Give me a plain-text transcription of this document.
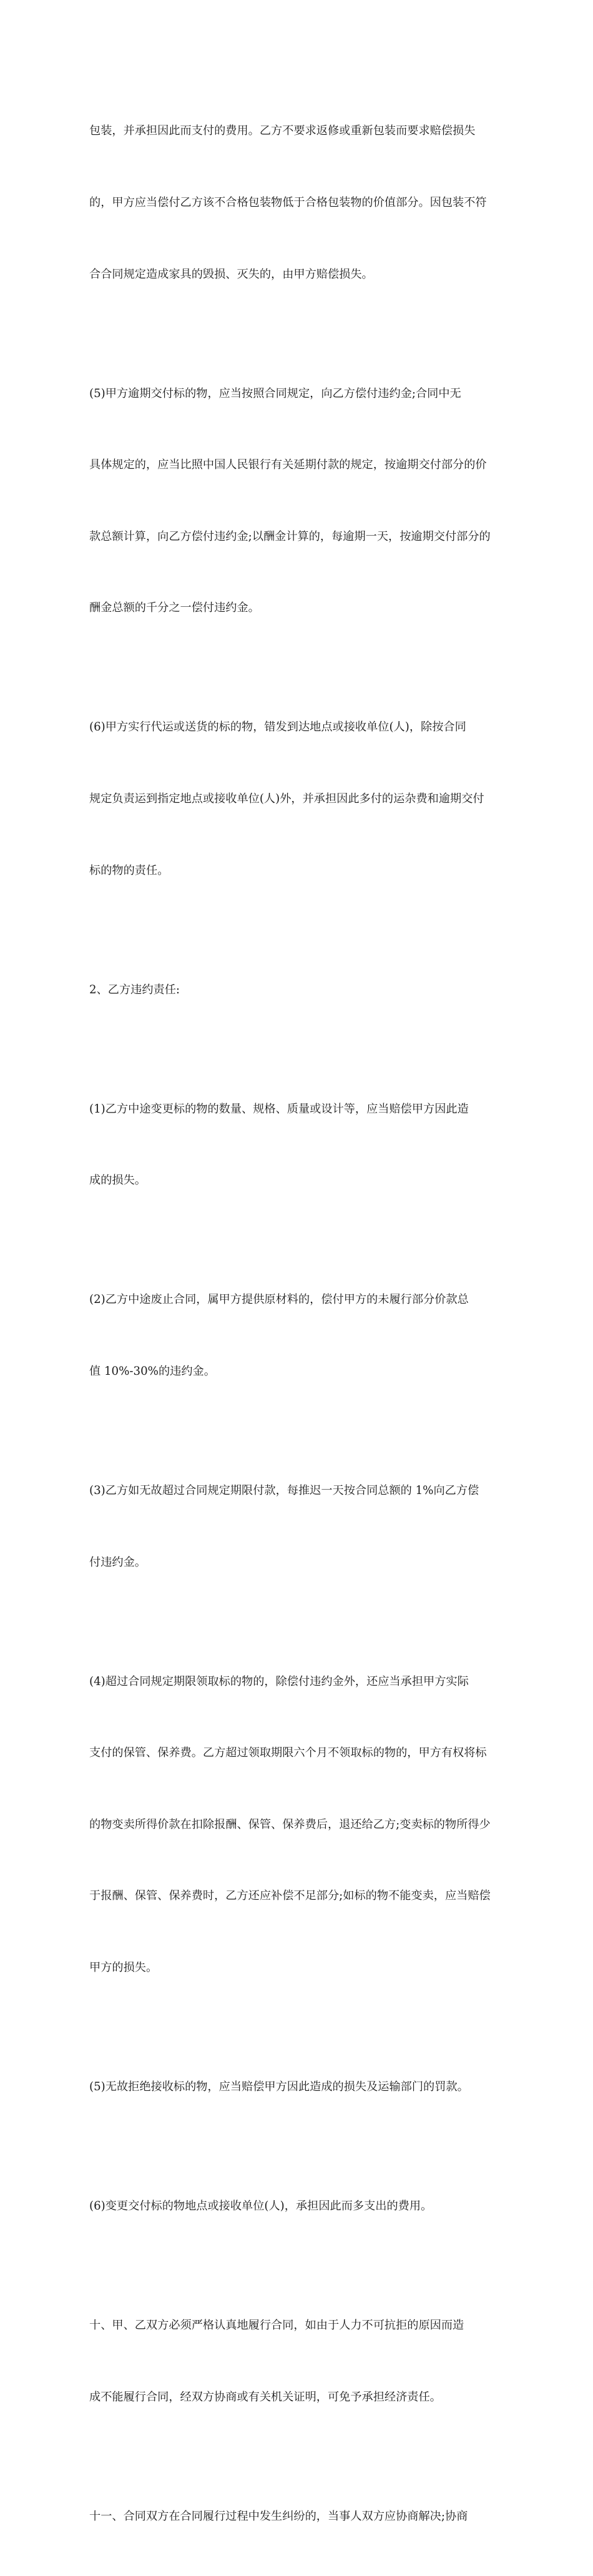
包装，并承担因此而支付的费用。乙方不要求返修或重新包装而要求赔偿损失

的，甲方应当偿付乙方该不合格包装物低于合格包装物的价值部分。因包装不符

合合同规定造成家具的毁损、灭失的，由甲方赔偿损失。

(5)甲方逾期交付标的物，应当按照合同规定，向乙方偿付违约金;合同中无

具体规定的，应当比照中国人民银行有关延期付款的规定，按逾期交付部分的价

款总额计算，向乙方偿付违约金;以酬金计算的，每逾期一天，按逾期交付部分的

酬金总额的千分之一偿付违约金。

(6)甲方实行代运或送货的标的物，错发到达地点或接收单位(人)，除按合同

规定负责运到指定地点或接收单位(人)外，并承担因此多付的运杂费和逾期交付

标的物的责任。

2、乙方违约责任:

(1)乙方中途变更标的物的数量、规格、质量或设计等，应当赔偿甲方因此造

成的损失。

(2)乙方中途废止合同，属甲方提供原材料的，偿付甲方的未履行部分价款总

值 10%-30%的违约金。

(3)乙方如无故超过合同规定期限付款，每推迟一天按合同总额的 1%向乙方偿

付违约金。

(4)超过合同规定期限领取标的物的，除偿付违约金外，还应当承担甲方实际

支付的保管、保养费。乙方超过领取期限六个月不领取标的物的，甲方有权将标

的物变卖所得价款在扣除报酬、保管、保养费后，退还给乙方;变卖标的物所得少

于报酬、保管、保养费时，乙方还应补偿不足部分;如标的物不能变卖，应当赔偿

甲方的损失。

(5)无故拒绝接收标的物，应当赔偿甲方因此造成的损失及运输部门的罚款。

(6)变更交付标的物地点或接收单位(人)，承担因此而多支出的费用。

十、甲、乙双方必须严格认真地履行合同，如由于人力不可抗拒的原因而造

成不能履行合同，经双方协商或有关机关证明，可免予承担经济责任。

十一、合同双方在合同履行过程中发生纠纷的，当事人双方应协商解决;协商
